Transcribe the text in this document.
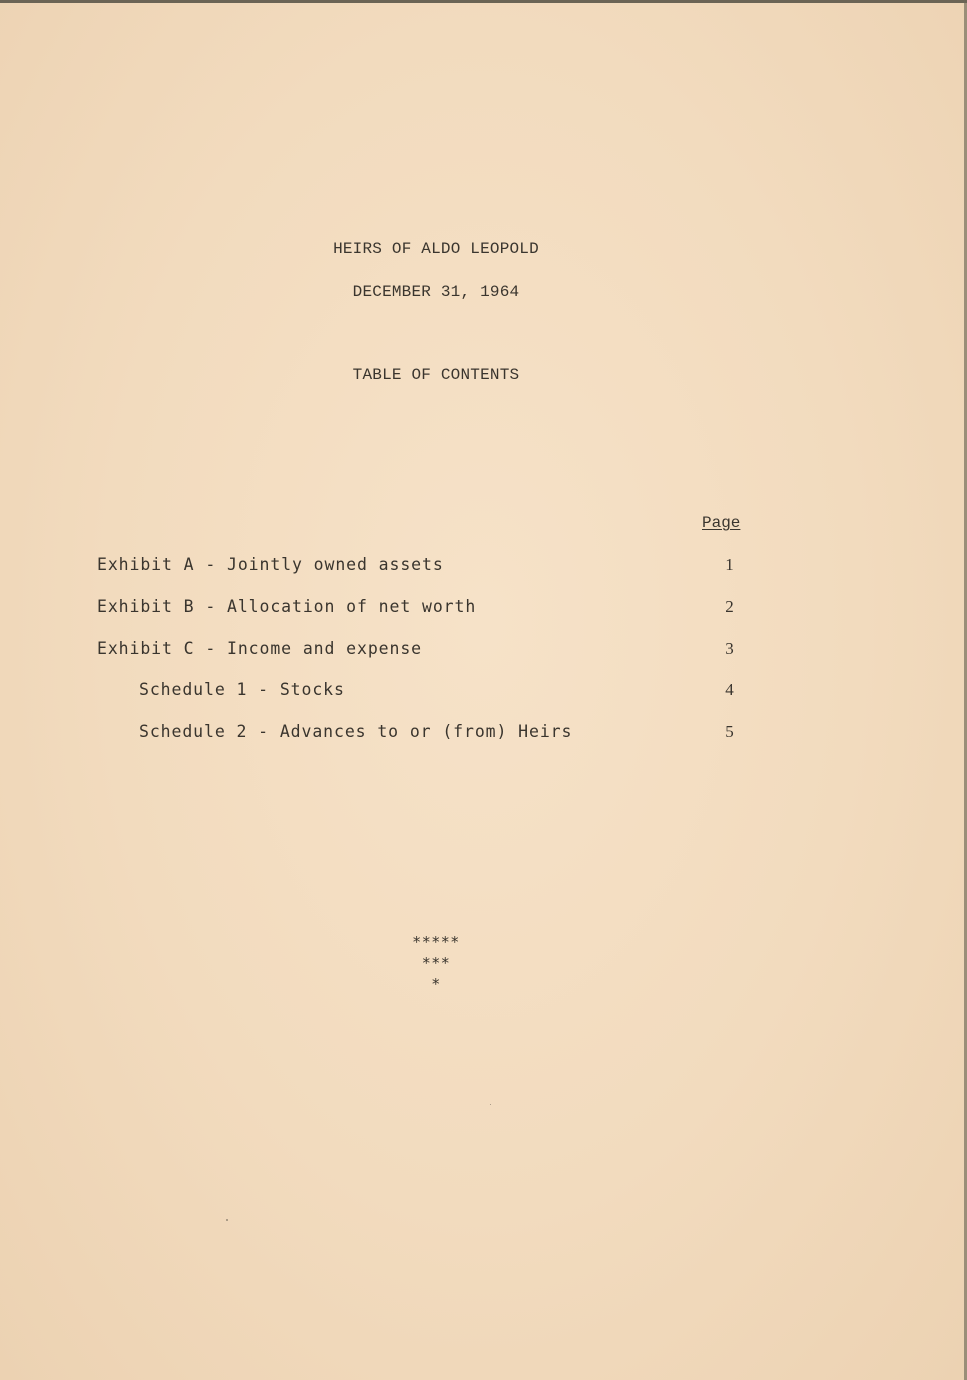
HEIRS OF ALDO LEOPOLD
DECEMBER 31, 1964
TABLE OF CONTENTS
Page
Exhibit A - Jointly owned assets	1
Exhibit B - Allocation of net worth	2
Exhibit C - Income and expense	3
Schedule 1 - Stocks	4
Schedule 2 - Advances to or (from) Heirs	5
*****
***
*
